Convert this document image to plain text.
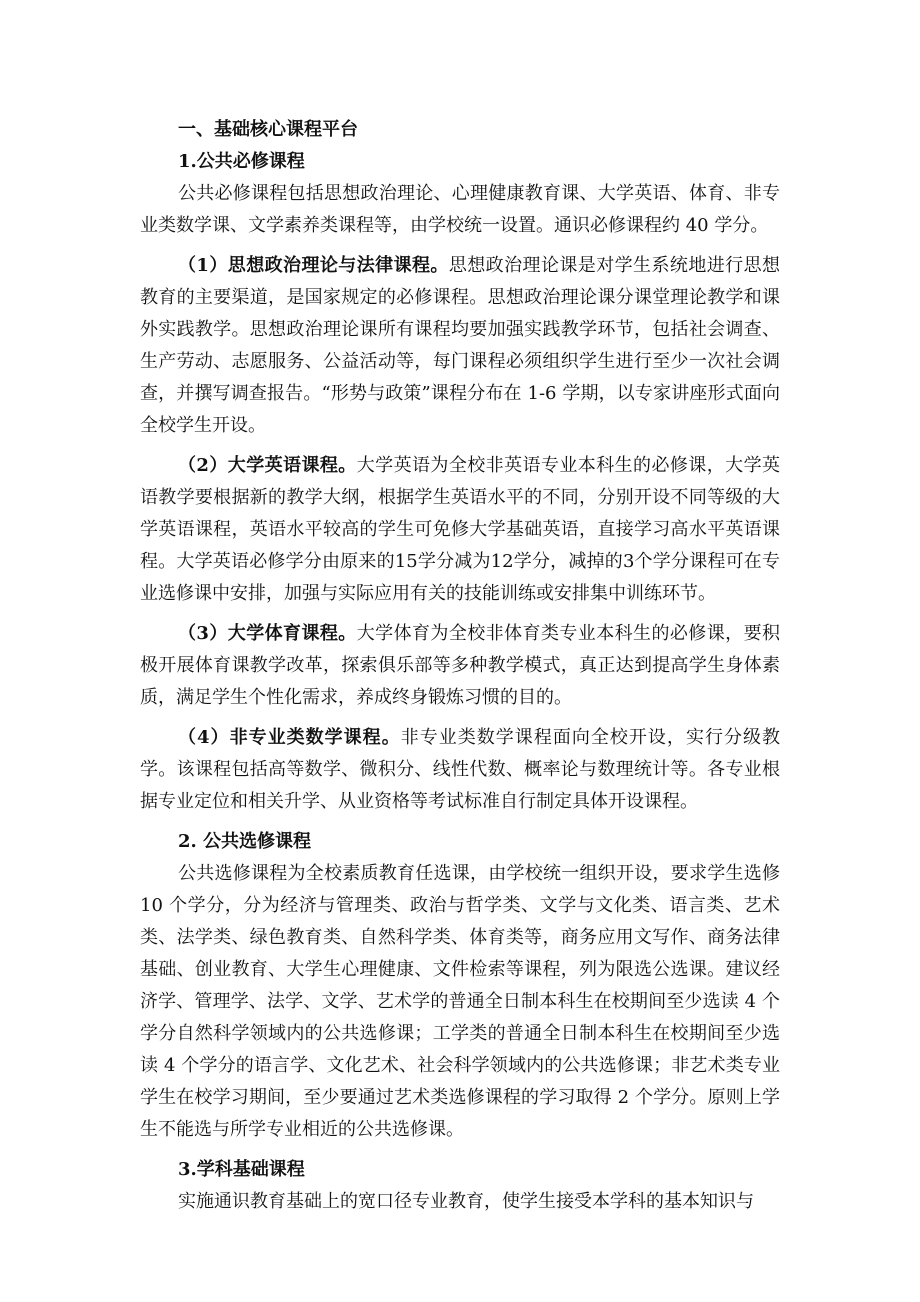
一、基础核心课程平台
1.公共必修课程

公共必修课程包括思想政治理论、心理健康教育课、大学英语、体育、非专业类数学课、文学素养类课程等，由学校统一设置。通识必修课程约 40 学分。

（1）思想政治理论与法律课程。思想政治理论课是对学生系统地进行思想教育的主要渠道，是国家规定的必修课程。思想政治理论课分课堂理论教学和课外实践教学。思想政治理论课所有课程均要加强实践教学环节，包括社会调查、生产劳动、志愿服务、公益活动等，每门课程必须组织学生进行至少一次社会调查，并撰写调查报告。“形势与政策”课程分布在 1-6 学期，以专家讲座形式面向全校学生开设。

（2）大学英语课程。大学英语为全校非英语专业本科生的必修课，大学英语教学要根据新的教学大纲，根据学生英语水平的不同，分别开设不同等级的大学英语课程，英语水平较高的学生可免修大学基础英语，直接学习高水平英语课程。大学英语必修学分由原来的15学分减为12学分，减掉的3个学分课程可在专业选修课中安排，加强与实际应用有关的技能训练或安排集中训练环节。

（3）大学体育课程。大学体育为全校非体育类专业本科生的必修课，要积极开展体育课教学改革，探索俱乐部等多种教学模式，真正达到提高学生身体素质，满足学生个性化需求，养成终身锻炼习惯的目的。

（4）非专业类数学课程。非专业类数学课程面向全校开设，实行分级教学。该课程包括高等数学、微积分、线性代数、概率论与数理统计等。各专业根据专业定位和相关升学、从业资格等考试标准自行制定具体开设课程。

2. 公共选修课程

公共选修课程为全校素质教育任选课，由学校统一组织开设，要求学生选修 10 个学分，分为经济与管理类、政治与哲学类、文学与文化类、语言类、艺术类、法学类、绿色教育类、自然科学类、体育类等，商务应用文写作、商务法律基础、创业教育、大学生心理健康、文件检索等课程，列为限选公选课。建议经济学、管理学、法学、文学、艺术学的普通全日制本科生在校期间至少选读 4 个学分自然科学领域内的公共选修课；工学类的普通全日制本科生在校期间至少选读 4 个学分的语言学、文化艺术、社会科学领域内的公共选修课；非艺术类专业学生在校学习期间，至少要通过艺术类选修课程的学习取得 2 个学分。原则上学生不能选与所学专业相近的公共选修课。

3.学科基础课程

实施通识教育基础上的宽口径专业教育，使学生接受本学科的基本知识与
